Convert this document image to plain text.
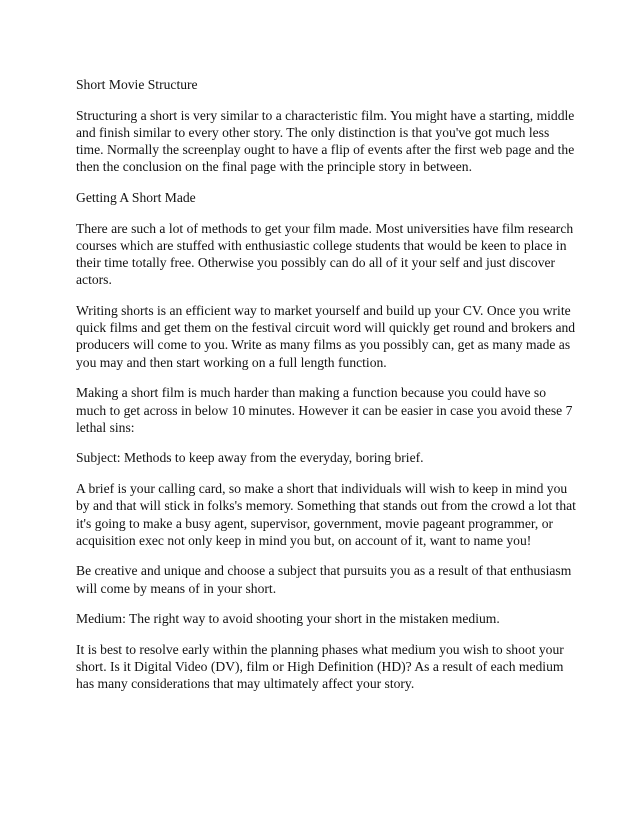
Short Movie Structure

Structuring a short is very similar to a characteristic film. You might have a starting, middle and finish similar to every other story. The only distinction is that you've got much less time. Normally the screenplay ought to have a flip of events after the first web page and the then the conclusion on the final page with the principle story in between.

Getting A Short Made

There are such a lot of methods to get your film made. Most universities have film research courses which are stuffed with enthusiastic college students that would be keen to place in their time totally free. Otherwise you possibly can do all of it your self and just discover actors.

Writing shorts is an efficient way to market yourself and build up your CV. Once you write quick films and get them on the festival circuit word will quickly get round and brokers and producers will come to you. Write as many films as you possibly can, get as many made as you may and then start working on a full length function.

Making a short film is much harder than making a function because you could have so much to get across in below 10 minutes. However it can be easier in case you avoid these 7 lethal sins:

Subject: Methods to keep away from the everyday, boring brief.

A brief is your calling card, so make a short that individuals will wish to keep in mind you by and that will stick in folks's memory. Something that stands out from the crowd a lot that it's going to make a busy agent, supervisor, government, movie pageant programmer, or acquisition exec not only keep in mind you but, on account of it, want to name you!

Be creative and unique and choose a subject that pursuits you as a result of that enthusiasm will come by means of in your short.

Medium: The right way to avoid shooting your short in the mistaken medium.

It is best to resolve early within the planning phases what medium you wish to shoot your short. Is it Digital Video (DV), film or High Definition (HD)? As a result of each medium has many considerations that may ultimately affect your story.
